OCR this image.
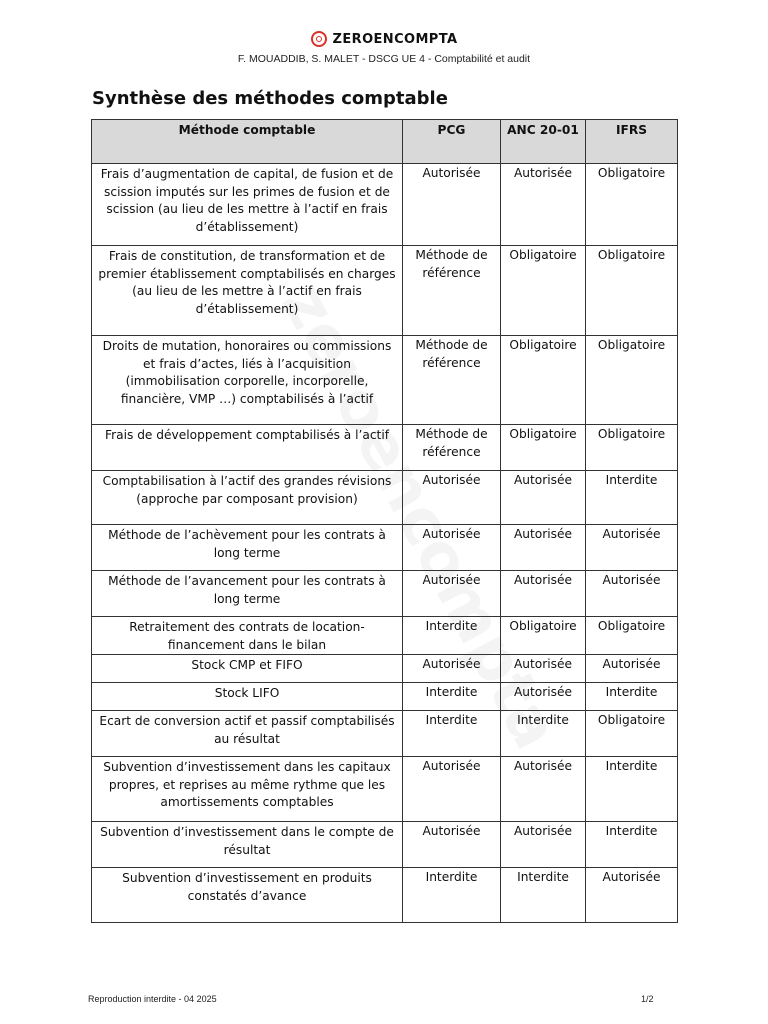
ZEROENCOMPTA
F. MOUADDIB, S. MALET - DSCG UE 4 - Comptabilité et audit
Synthèse des méthodes comptable
Méthode comptable	PCG	ANC 20-01	IFRS
Frais d’augmentation de capital, de fusion et de scission imputés sur les primes de fusion et de scission (au lieu de les mettre à l’actif en frais d’établissement)	Autorisée	Autorisée	Obligatoire
Frais de constitution, de transformation et de premier établissement comptabilisés en charges (au lieu de les mettre à l’actif en frais d’établissement)	Méthode de référence	Obligatoire	Obligatoire
Droits de mutation, honoraires ou commissions et frais d’actes, liés à l’acquisition (immobilisation corporelle, incorporelle, financière, VMP …) comptabilisés à l’actif	Méthode de référence	Obligatoire	Obligatoire
Frais de développement comptabilisés à l’actif	Méthode de référence	Obligatoire	Obligatoire
Comptabilisation à l’actif des grandes révisions (approche par composant provision)	Autorisée	Autorisée	Interdite
Méthode de l’achèvement pour les contrats à long terme	Autorisée	Autorisée	Autorisée
Méthode de l’avancement pour les contrats à long terme	Autorisée	Autorisée	Autorisée
Retraitement des contrats de location-financement dans le bilan	Interdite	Obligatoire	Obligatoire
Stock CMP et FIFO	Autorisée	Autorisée	Autorisée
Stock LIFO	Interdite	Autorisée	Interdite
Ecart de conversion actif et passif comptabilisés au résultat	Interdite	Interdite	Obligatoire
Subvention d’investissement dans les capitaux propres, et reprises au même rythme que les amortissements comptables	Autorisée	Autorisée	Interdite
Subvention d’investissement dans le compte de résultat	Autorisée	Autorisée	Interdite
Subvention d’investissement en produits constatés d’avance	Interdite	Interdite	Autorisée
Reproduction interdite - 04 2025	1/2
